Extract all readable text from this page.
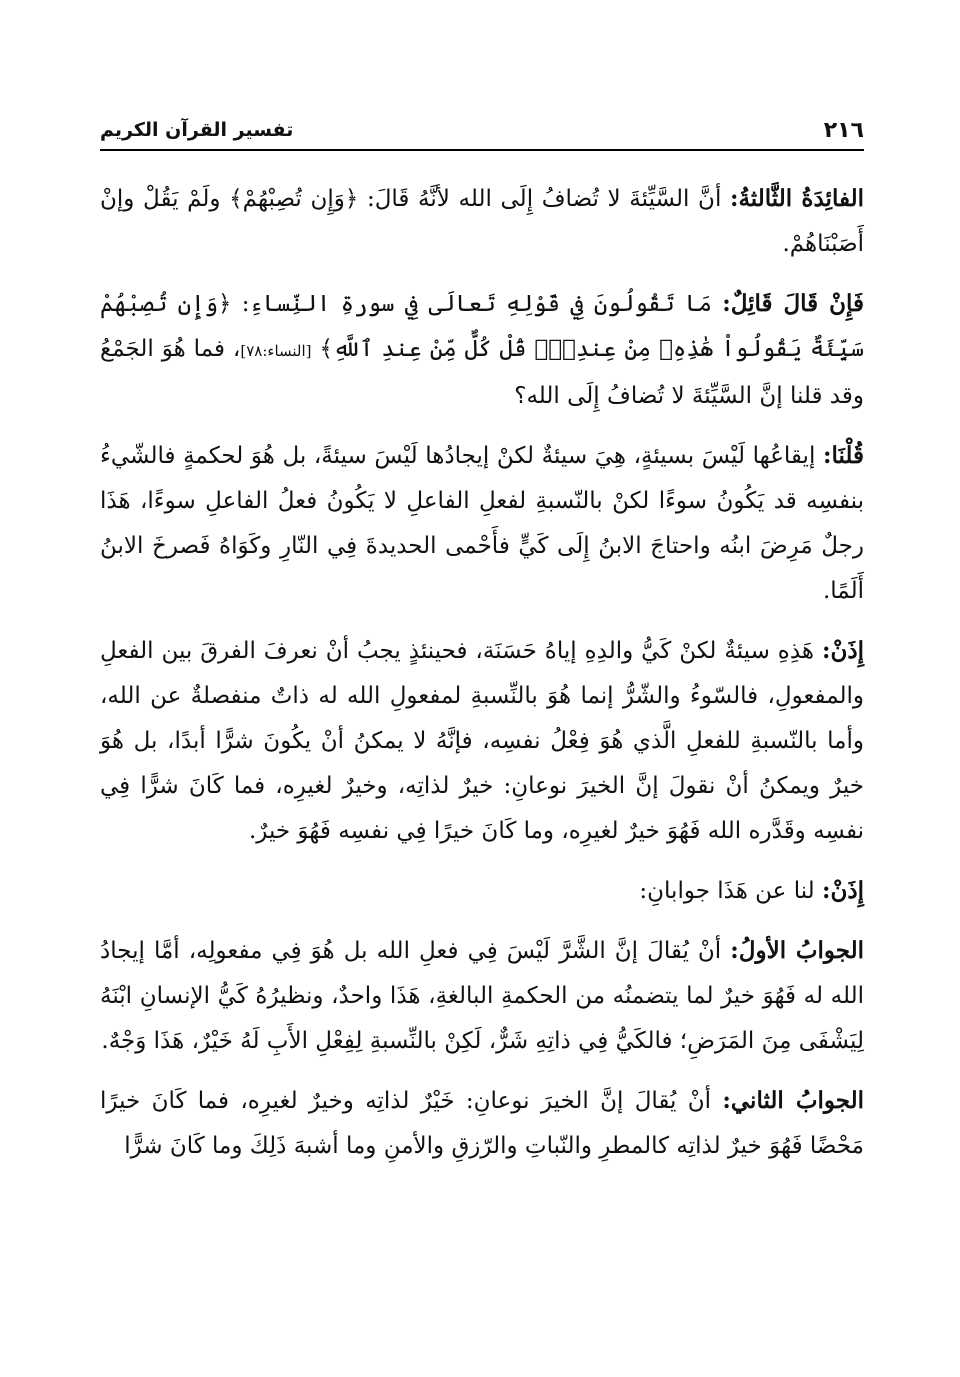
تفسير القرآن الكريم	٢١٦

الفائِدَةُ الثَّالثةُ: أنَّ السَّيِّئةَ لا تُضافُ إِلَى الله لأنَّهُ قَالَ: ﴿وَإِن تُصِبْهُمْ﴾ ولَمْ يَقُلْ وإنْ أَصَبْنَاهُمْ.

فَإِنْ قَالَ قَائِلٌ: مَا تَقُولُونَ فِي قَوْلِهِ تَعالَى فِي سورةِ النِّساءِ: ﴿وَإِن تُصِبْهُمْ سَيِّئَةٌ يَقُولُواْ هَٰذِهِۦ مِنْ عِندِكَۚ قُلْ كُلٌّ مِّنْ عِندِ ٱللَّهِ﴾ [النساء:٧٨]، فما هُوَ الجَمْعُ وقد قلنا إنَّ السَّيِّئةَ لا تُضافُ إِلَى الله؟

قُلْنَا: إيقاعُها لَيْسَ بسيئةٍ، هِيَ سيئةٌ لكنْ إيجادُها لَيْسَ سيئةً، بل هُوَ لحكمةٍ فالشّيءُ بنفسِه قد يَكُونُ سوءًا لكنْ بالنّسبةِ لفعلِ الفاعلِ لا يَكُونُ فعلُ الفاعلِ سوءًا، هَذَا رجلٌ مَرِضَ ابنُه واحتاجَ الابنُ إِلَى كَيٍّ فأَحْمى الحديدةَ فِي النّارِ وكَوَاهُ فَصرخَ الابنُ أَلَمًا.

إِذَنْ: هَذِهِ سيئةٌ لكنْ كَيُّ والدِهِ إياهُ حَسَنَة، فحينئذٍ يجبُ أنْ نعرفَ الفرقَ بين الفعلِ والمفعولِ، فالسّوءُ والشّرُّ إنما هُوَ بالنِّسبةِ لمفعولِ الله له ذاتٌ منفصلةٌ عن الله، وأما بالنّسبةِ للفعلِ الَّذي هُوَ فِعْلُ نفسِه، فإنَّهُ لا يمكنُ أنْ يكُونَ شرًّا أبدًا، بل هُوَ خيرٌ ويمكنُ أنْ نقولَ إنَّ الخيرَ نوعانِ: خيرٌ لذاتِه، وخيرٌ لغيرِه، فما كَانَ شرًّا فِي نفسِه وقَدَّره الله فَهُوَ خيرٌ لغيرِه، وما كَانَ خيرًا فِي نفسِه فَهُوَ خيرٌ.

إِذَنْ: لنا عن هَذَا جوابانِ:

الجوابُ الأولُ: أنْ يُقالَ إنَّ الشَّرَّ لَيْسَ فِي فعلِ الله بل هُوَ فِي مفعولِه، أمَّا إيجادُ الله له فَهُوَ خيرٌ لما يتضمنُه من الحكمةِ البالغةِ، هَذَا واحدٌ، ونظيرُهُ كَيُّ الإنسانِ ابْنَهُ لِيَشْفَى مِنَ المَرَضِ؛ فالكَيُّ فِي ذاتِهِ شَرٌّ، لَكِنْ بالنِّسبةِ لِفِعْلِ الأَبِ لَهُ خَيْرٌ، هَذَا وَجْهٌ.

الجوابُ الثاني: أنْ يُقالَ إنَّ الخيرَ نوعانِ: خَيْرٌ لذاتِه وخيرٌ لغيرِه، فما كَانَ خيرًا مَحْضًا فَهُوَ خيرٌ لذاتِه كالمطرِ والنّباتِ والرّزقِ والأمنِ وما أشبهَ ذَلِكَ وما كَانَ شرًّا
